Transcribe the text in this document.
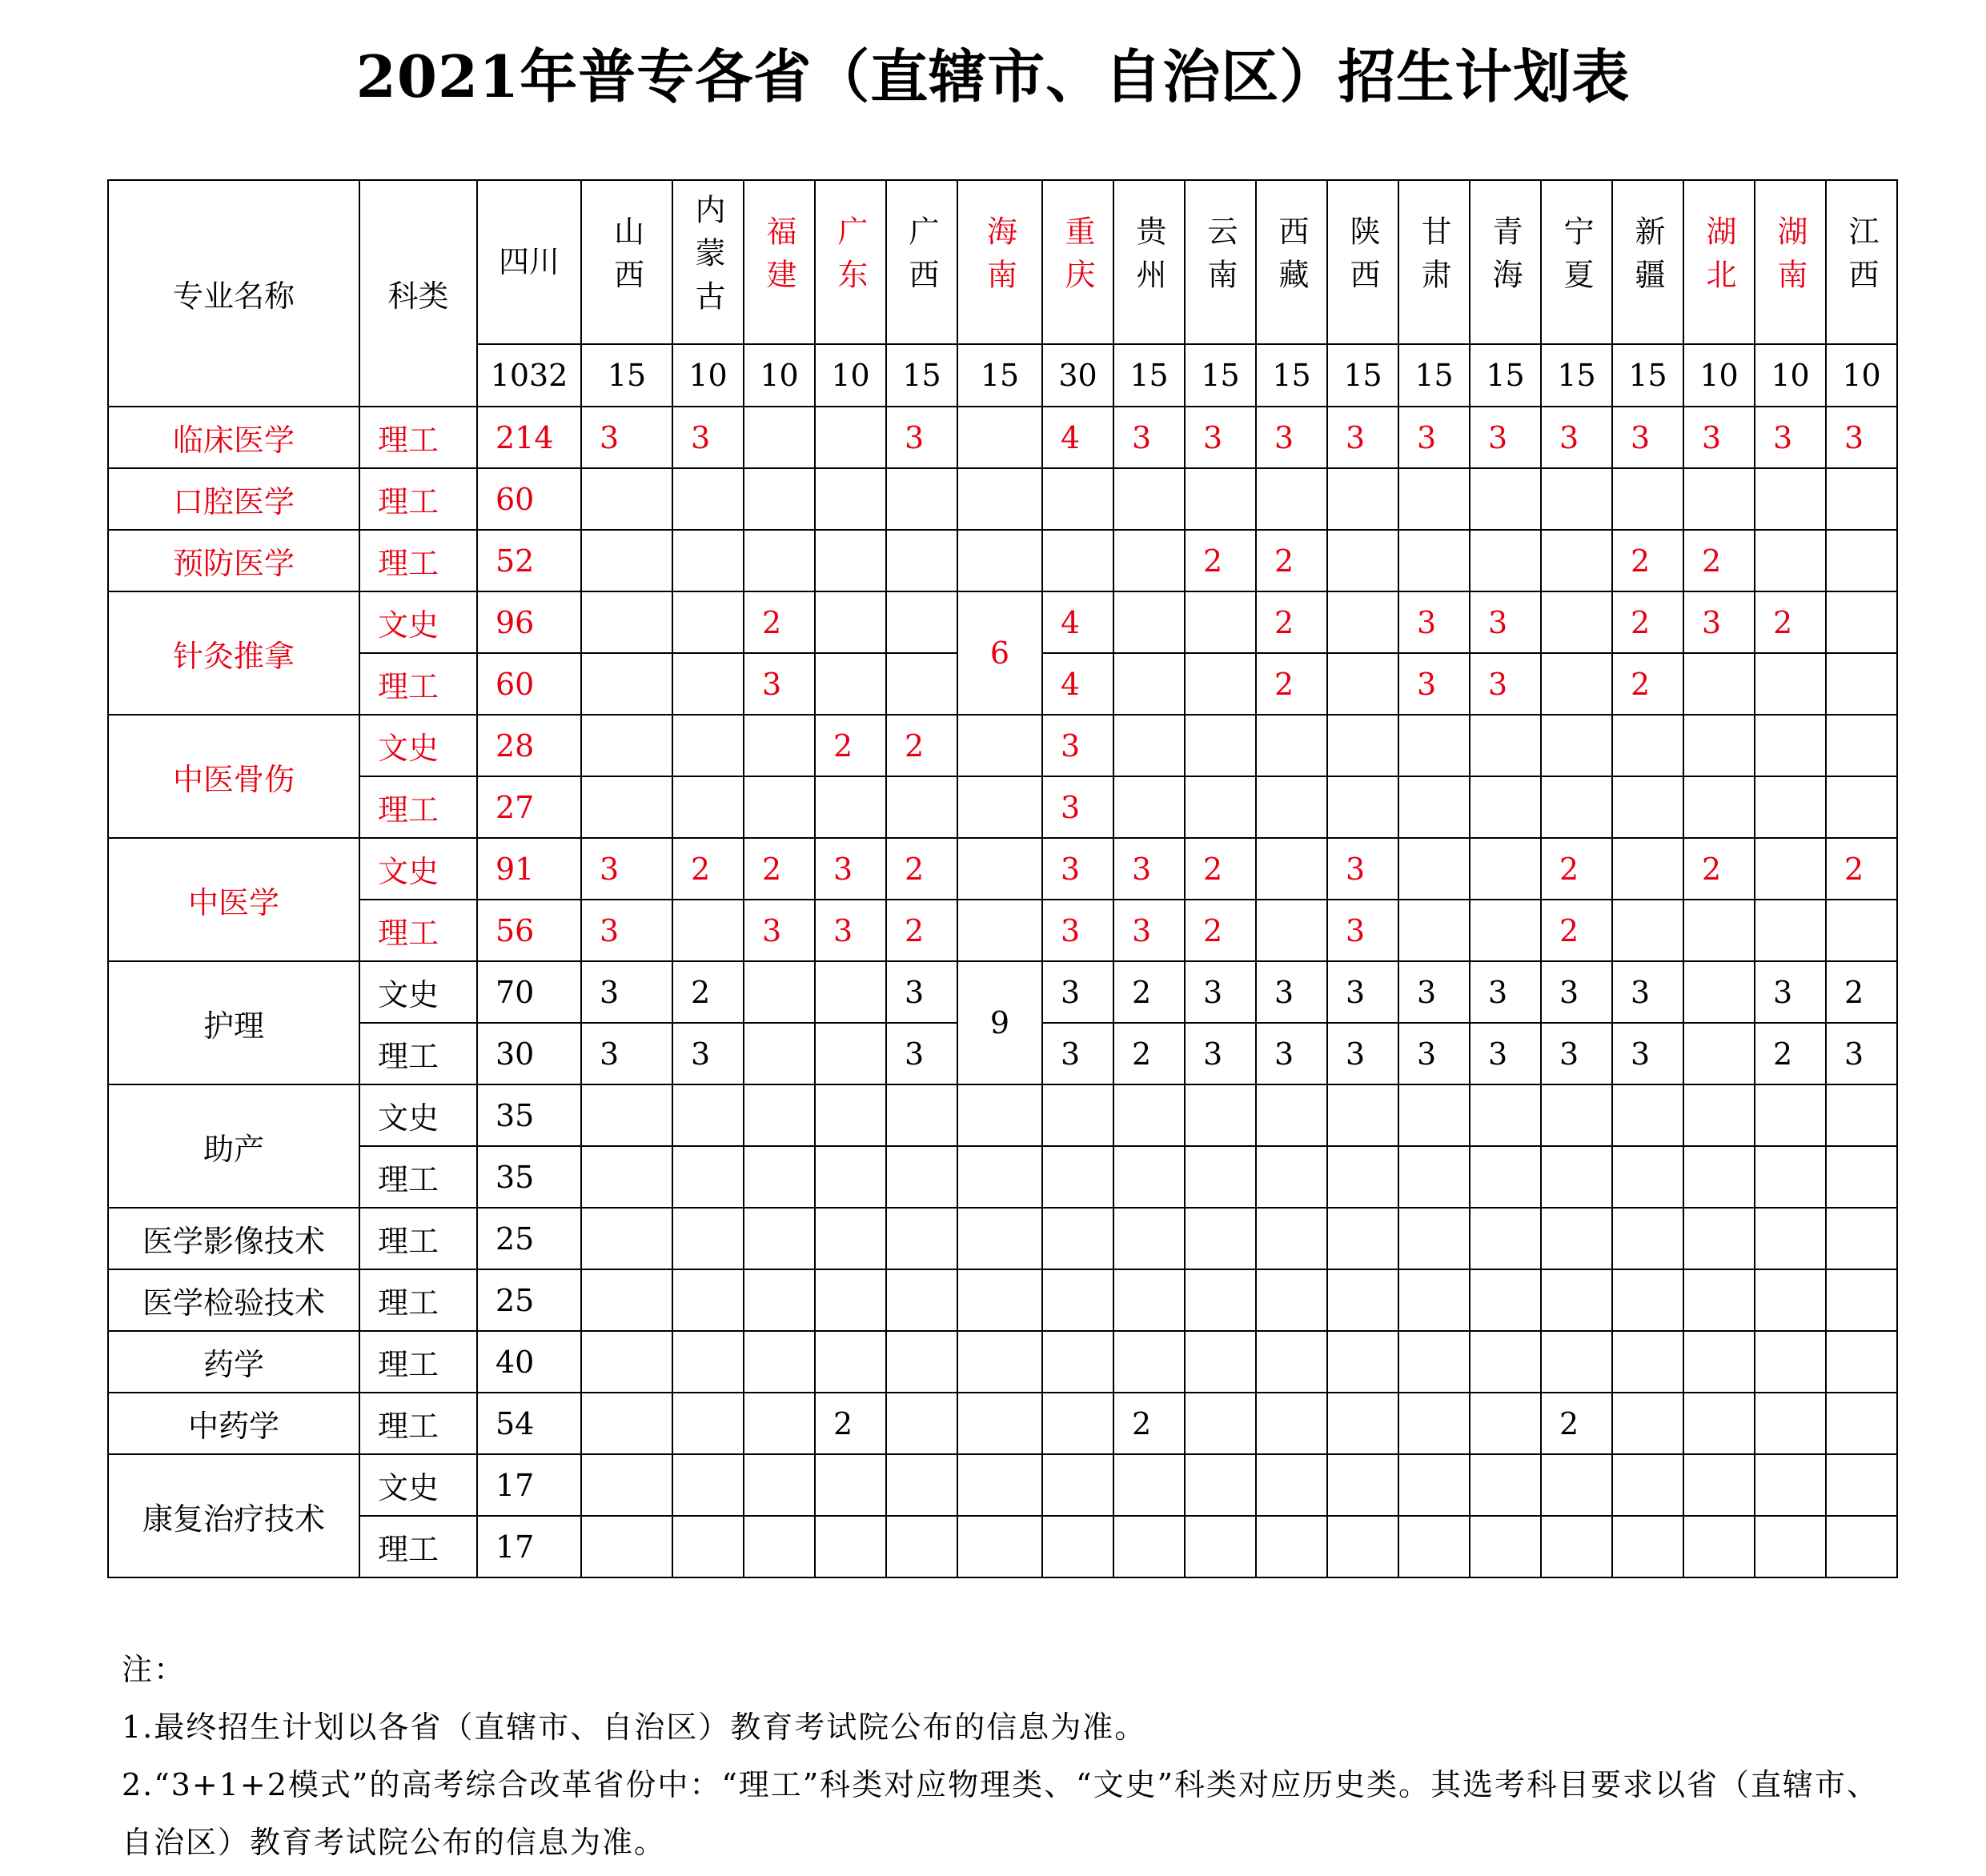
2021年普专各省（直辖市、自治区）招生计划表
专业名称	科类	四川	山西	内蒙古	福建	广东	广西	海南	重庆	贵州	云南	西藏	陕西	甘肃	青海	宁夏	新疆	湖北	湖南	江西
		1032	15	10	10	10	15	15	30	15	15	15	15	15	15	15	15	10	10	10
临床医学	理工	214	3	3			3		4	3	3	3	3	3	3	3	3	3	3	3
口腔医学	理工	60																		
预防医学	理工	52									2	2					2	2		
针灸推拿	文史	96			2			6	4			2		3	3		2	3	2	
	理工	60			3				4			2		3	3		2			
中医骨伤	文史	28				2	2		3											
	理工	27							3											
中医学	文史	91	3	2	2	3	2		3	3	2		3			2		2		2
	理工	56	3		3	3	2		3	3	2		3			2				
护理	文史	70	3	2			3	9	3	2	3	3	3	3	3	3	3		3	2
	理工	30	3	3			3		3	2	3	3	3	3	3	3	3		2	3
助产	文史	35																		
	理工	35																		
医学影像技术	理工	25																		
医学检验技术	理工	25																		
药学	理工	40																		
中药学	理工	54				2				2						2				
康复治疗技术	文史	17																		
	理工	17																		

注：

1.最终招生计划以各省（直辖市、自治区）教育考试院公布的信息为准。

2.“3+1+2模式”的高考综合改革省份中：“理工”科类对应物理类、“文史”科类对应历史类。其选考科目要求以省（直辖市、自治区）教育考试院公布的信息为准。
